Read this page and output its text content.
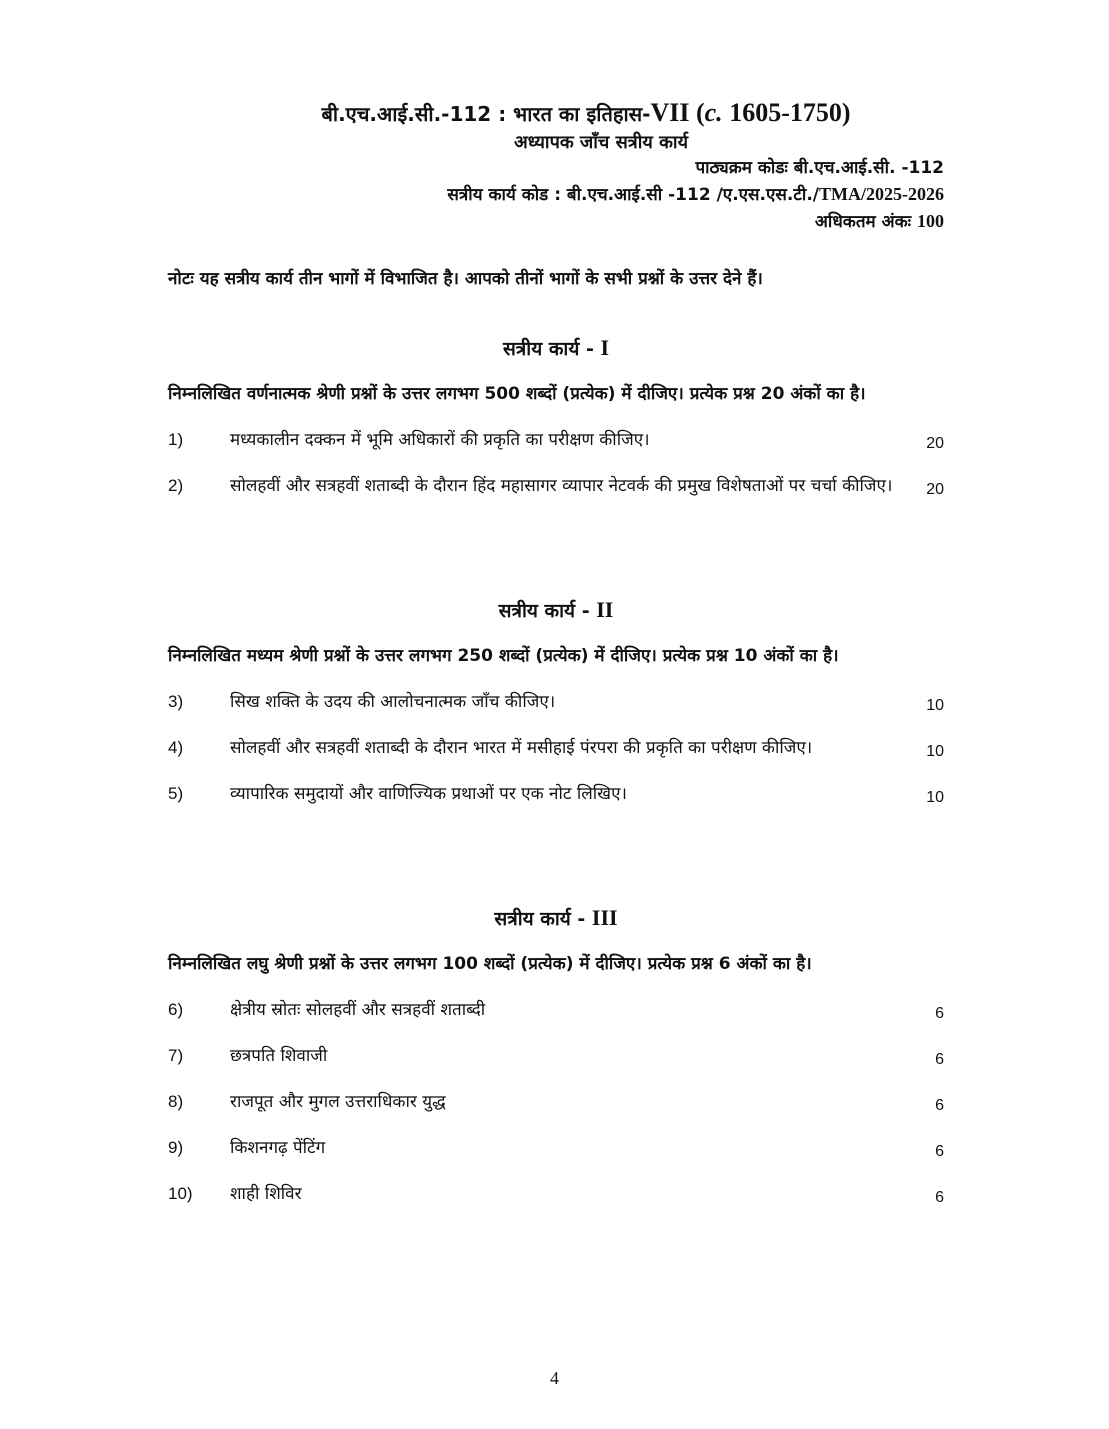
बी.एच.आई.सी.-112 : भारत का इतिहास-VII (c. 1605-1750)
अध्यापक जाँच सत्रीय कार्य
पाठ्यक्रम कोडः बी.एच.आई.सी. -112
सत्रीय कार्य कोड : बी.एच.आई.सी -112 /ए.एस.एस.टी./TMA/2025-2026
अधिकतम अंकः 100
नोटः यह सत्रीय कार्य तीन भागों में विभाजित है। आपको तीनों भागों के सभी प्रश्नों के उत्तर देने हैं।
सत्रीय कार्य - I
निम्नलिखित वर्णनात्मक श्रेणी प्रश्नों के उत्तर लगभग 500 शब्दों (प्रत्येक) में दीजिए। प्रत्येक प्रश्न 20 अंकों का है।
1)	मध्यकालीन दक्कन में भूमि अधिकारों की प्रकृति का परीक्षण कीजिए।	20
2)	सोलहवीं और सत्रहवीं शताब्दी के दौरान हिंद महासागर व्यापार नेटवर्क की प्रमुख विशेषताओं पर चर्चा कीजिए।	20
सत्रीय कार्य - II
निम्नलिखित मध्यम श्रेणी प्रश्नों के उत्तर लगभग 250 शब्दों (प्रत्येक) में दीजिए। प्रत्येक प्रश्न 10 अंकों का है।
3)	सिख शक्ति के उदय की आलोचनात्मक जाँच कीजिए।	10
4)	सोलहवीं और सत्रहवीं शताब्दी के दौरान भारत में मसीहाई पंरपरा की प्रकृति का परीक्षण कीजिए।	10
5)	व्यापारिक समुदायों और वाणिज्यिक प्रथाओं पर एक नोट लिखिए।	10
सत्रीय कार्य - III
निम्नलिखित लघु श्रेणी प्रश्नों के उत्तर लगभग 100 शब्दों (प्रत्येक) में दीजिए। प्रत्येक प्रश्न 6 अंकों का है।
6)	क्षेत्रीय स्रोतः सोलहवीं और सत्रहवीं शताब्दी	6
7)	छत्रपति शिवाजी	6
8)	राजपूत और मुगल उत्तराधिकार युद्ध	6
9)	किशनगढ़ पेंटिंग	6
10) शाही शिविर	6
4
